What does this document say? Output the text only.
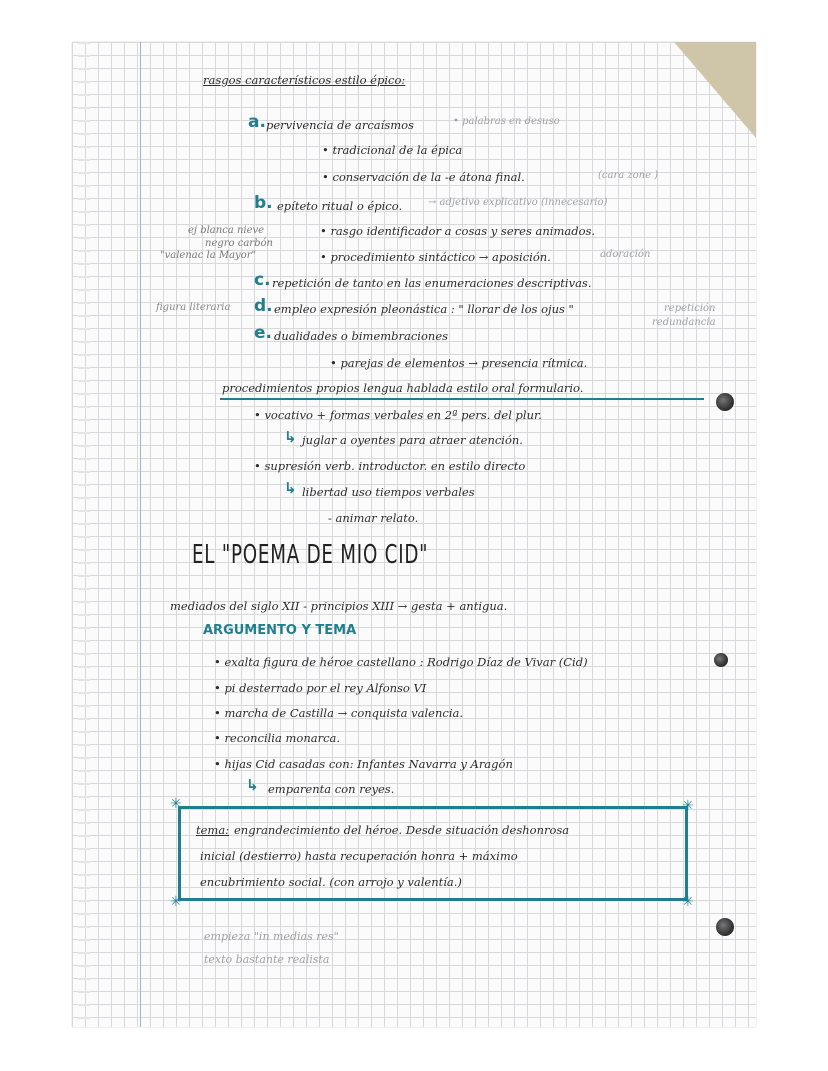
rasgos característicos estilo épico:
a. pervivencia de arcaísmos	• palabras en desuso
• tradicional de la épica
• conservación de la -e átona final.	(cara zone )
b. epíteto ritual o épico.	→ adjetivo explicativo (innecesario)
ej blanca nieve
negro carbón
"valenac la Mayor"
• rasgo identificador a cosas y seres animados.
• procedimiento sintáctico → aposición.	adoración
c. repetición de tanto en las enumeraciones descriptivas.
figura literaria d. empleo expresión pleonástica : " llorar de los ojus "	repetición
redundancia
e. dualidades o bimembraciones
• parejas de elementos → presencia rítmica.
procedimientos propios lengua hablada estilo oral formulario.
• vocativo + formas verbales en 2ª pers. del plur.
↳ juglar a oyentes para atraer atención.
• supresión verb. introductor. en estilo directo
↳ libertad uso tiempos verbales
- animar relato.
EL "POEMA DE MIO CID"
mediados del siglo XII - principios XIII → gesta + antigua.
ARGUMENTO Y TEMA
• exalta figura de héroe castellano : Rodrigo Díaz de Vivar (Cid)
• pi desterrado por el rey Alfonso VI
• marcha de Castilla → conquista valencia.
• reconcilia monarca.
• hijas Cid casadas con: Infantes Navarra y Aragón
↳ emparenta con reyes.
✳	✳
✳	✳
tema: engrandecimiento del héroe. Desde situación deshonrosa
inicial (destierro) hasta recuperación honra + máximo
encubrimiento social. (con arrojo y valentía.)
empieza "in medias res"
texto bastante realista
